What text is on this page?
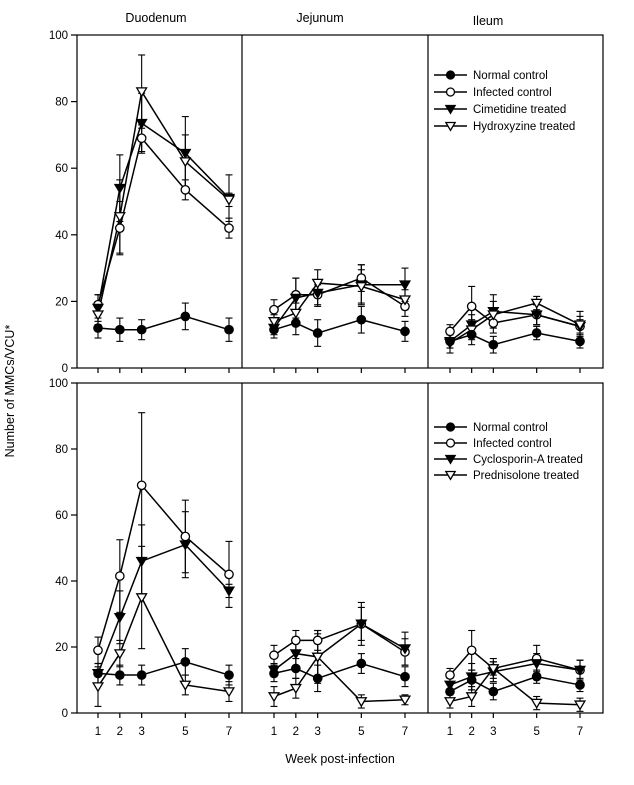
Duodenum	Jejunum	Ileum
Number of MMCs/VCU*
Week post-infection
0
20
40
60
80
100
Normal control
Infected control
Cimetidine treated
Hydroxyzine treated
0
20
40
60
80
100
1 2 3	5	7	1 2 3	5	7	1 2 3	5	7
Normal control
Infected control
Cyclosporin-A treated
Prednisolone treated
